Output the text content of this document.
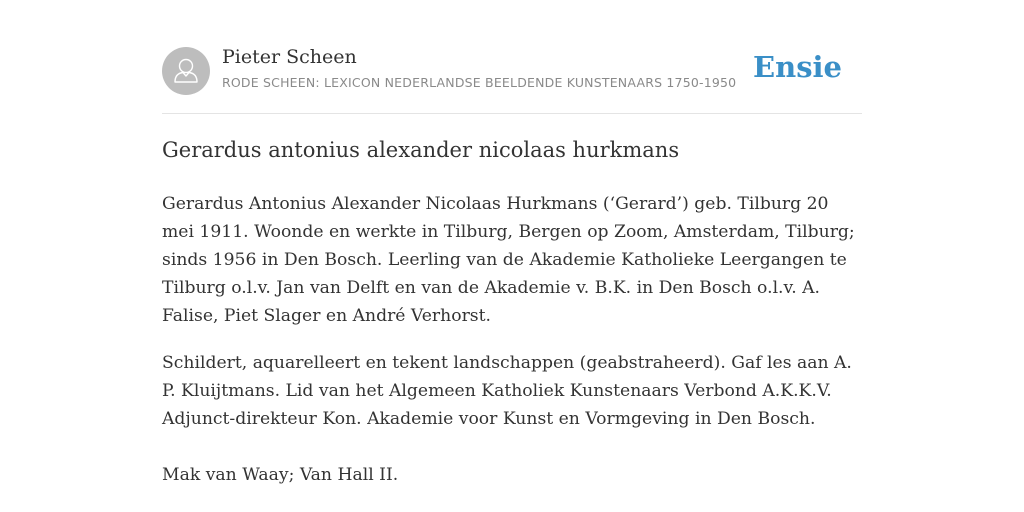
Pieter Scheen
RODE SCHEEN: LEXICON NEDERLANDSE BEELDENDE KUNSTENAARS 1750-1950 Ensie
Gerardus antonius alexander nicolaas hurkmans

Gerardus Antonius Alexander Nicolaas Hurkmans (‘Gerard’) geb. Tilburg 20 mei 1911. Woonde en werkte in Tilburg, Bergen op Zoom, Amsterdam, Tilburg; sinds 1956 in Den Bosch. Leerling van de Akademie Katholieke Leergangen te Tilburg o.l.v. Jan van Delft en van de Akademie v. B.K. in Den Bosch o.l.v. A. Falise, Piet Slager en André Verhorst.

Schildert, aquarelleert en tekent landschappen (geabstraheerd). Gaf les aan A. P. Kluijtmans. Lid van het Algemeen Katholiek Kunstenaars Verbond A.K.K.V. Adjunct-direkteur Kon. Akademie voor Kunst en Vormgeving in Den Bosch.

Mak van Waay; Van Hall II.
